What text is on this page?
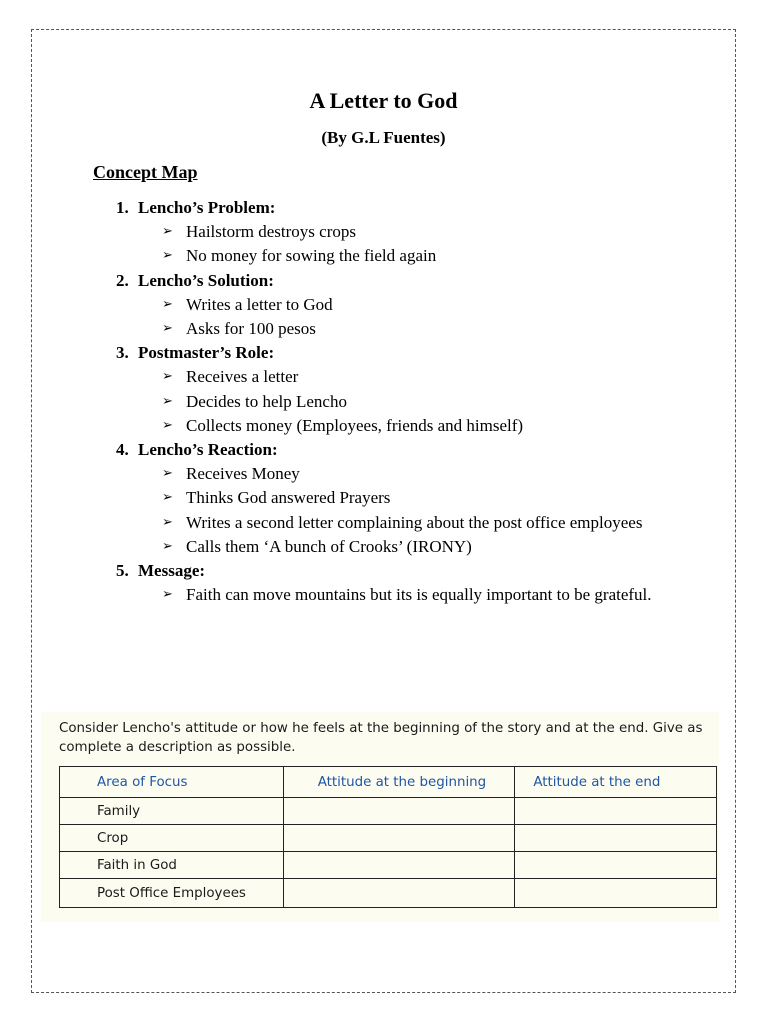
A Letter to God
(By G.L Fuentes)
Concept Map
1. Lencho’s Problem:
➢ Hailstorm destroys crops
➢ No money for sowing the field again
2. Lencho’s Solution:
➢ Writes a letter to God
➢ Asks for 100 pesos
3. Postmaster’s Role:
➢ Receives a letter
➢ Decides to help Lencho
➢ Collects money (Employees, friends and himself)
4. Lencho’s Reaction:
➢ Receives Money
➢ Thinks God answered Prayers
➢ Writes a second letter complaining about the post office employees
➢ Calls them ‘A bunch of Crooks’ (IRONY)
5. Message:
➢ Faith can move mountains but its is equally important to be grateful.
Consider Lencho's attitude or how he feels at the beginning of the story and at the end. Give as complete a description as possible.
Area of Focus	Attitude at the beginning	Attitude at the end
Family		
Crop		
Faith in God		
Post Office Employees		
